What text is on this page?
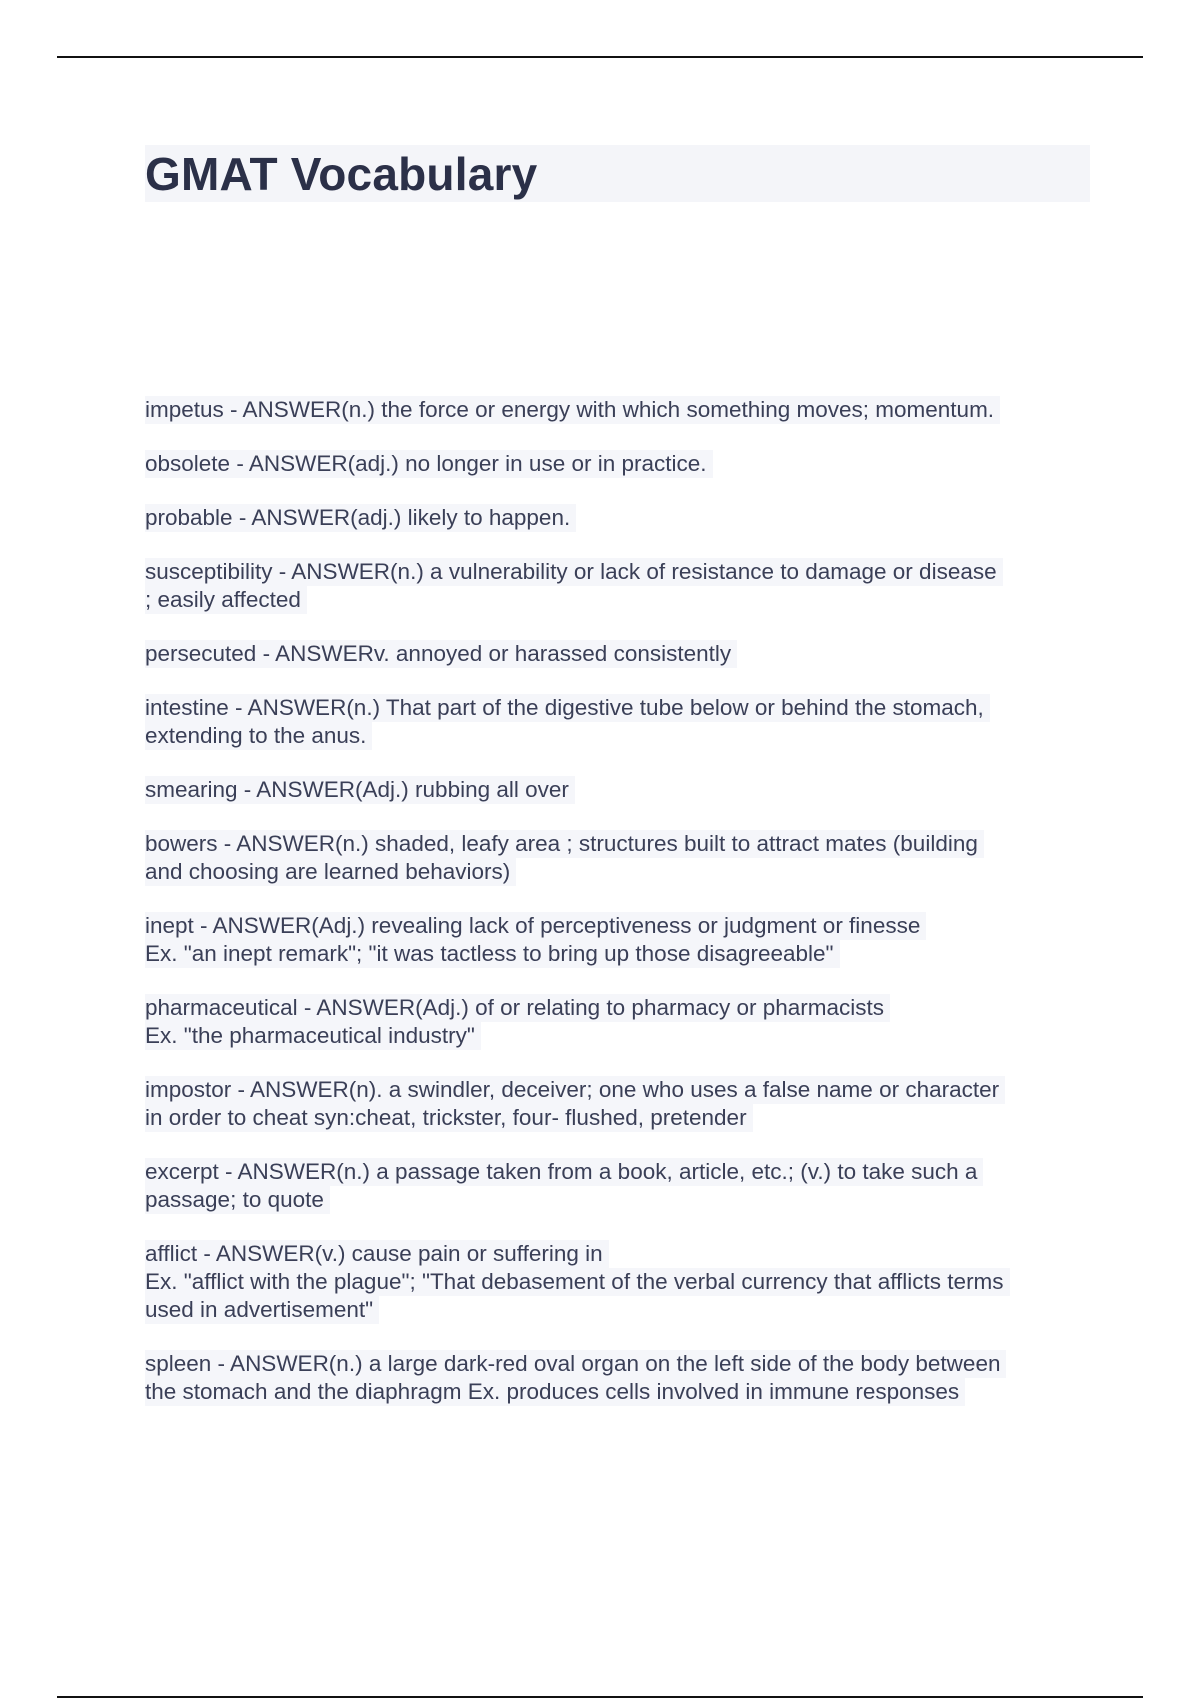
GMAT Vocabulary
impetus - ANSWER(n.) the force or energy with which something moves; momentum.
obsolete - ANSWER(adj.) no longer in use or in practice.
probable - ANSWER(adj.) likely to happen.
susceptibility - ANSWER(n.) a vulnerability or lack of resistance to damage or disease
; easily affected
persecuted - ANSWERv. annoyed or harassed consistently
intestine - ANSWER(n.) That part of the digestive tube below or behind the stomach,
extending to the anus.
smearing - ANSWER(Adj.) rubbing all over
bowers - ANSWER(n.) shaded, leafy area ; structures built to attract mates (building
and choosing are learned behaviors)
inept - ANSWER(Adj.) revealing lack of perceptiveness or judgment or finesse
Ex. "an inept remark"; "it was tactless to bring up those disagreeable"
pharmaceutical - ANSWER(Adj.) of or relating to pharmacy or pharmacists
Ex. "the pharmaceutical industry"
impostor - ANSWER(n). a swindler, deceiver; one who uses a false name or character
in order to cheat syn:cheat, trickster, four- flushed, pretender
excerpt - ANSWER(n.) a passage taken from a book, article, etc.; (v.) to take such a
passage; to quote
afflict - ANSWER(v.) cause pain or suffering in
Ex. "afflict with the plague"; "That debasement of the verbal currency that afflicts terms
used in advertisement"
spleen - ANSWER(n.) a large dark-red oval organ on the left side of the body between
the stomach and the diaphragm Ex. produces cells involved in immune responses
